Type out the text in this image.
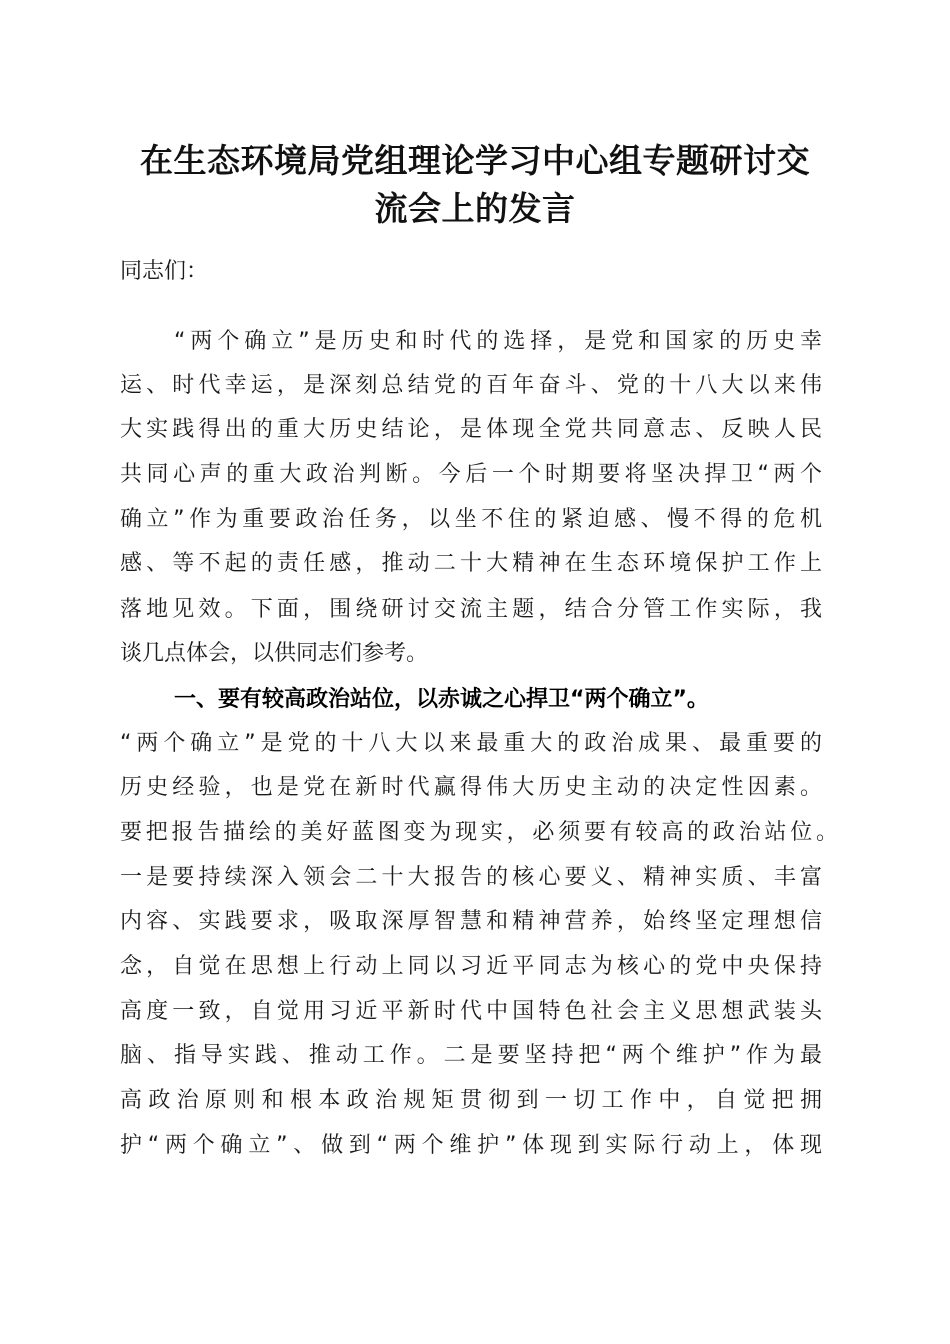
在生态环境局党组理论学习中心组专题研讨交
流会上的发言
同志们：
“两个确立”是历史和时代的选择，是党和国家的历史幸
运、时代幸运，是深刻总结党的百年奋斗、党的十八大以来伟
大实践得出的重大历史结论，是体现全党共同意志、反映人民
共同心声的重大政治判断。今后一个时期要将坚决捍卫“两个
确立”作为重要政治任务，以坐不住的紧迫感、慢不得的危机
感、等不起的责任感，推动二十大精神在生态环境保护工作上
落地见效。下面，围绕研讨交流主题，结合分管工作实际，我
谈几点体会，以供同志们参考。
一、要有较高政治站位，以赤诚之心捍卫“两个确立”。
“两个确立”是党的十八大以来最重大的政治成果、最重要的
历史经验，也是党在新时代赢得伟大历史主动的决定性因素。
要把报告描绘的美好蓝图变为现实，必须要有较高的政治站位。
一是要持续深入领会二十大报告的核心要义、精神实质、丰富
内容、实践要求，吸取深厚智慧和精神营养，始终坚定理想信
念，自觉在思想上行动上同以习近平同志为核心的党中央保持
高度一致，自觉用习近平新时代中国特色社会主义思想武装头
脑、指导实践、推动工作。二是要坚持把“两个维护”作为最
高政治原则和根本政治规矩贯彻到一切工作中，自觉把拥
护“两个确立”、做到“两个维护”体现到实际行动上，体现
